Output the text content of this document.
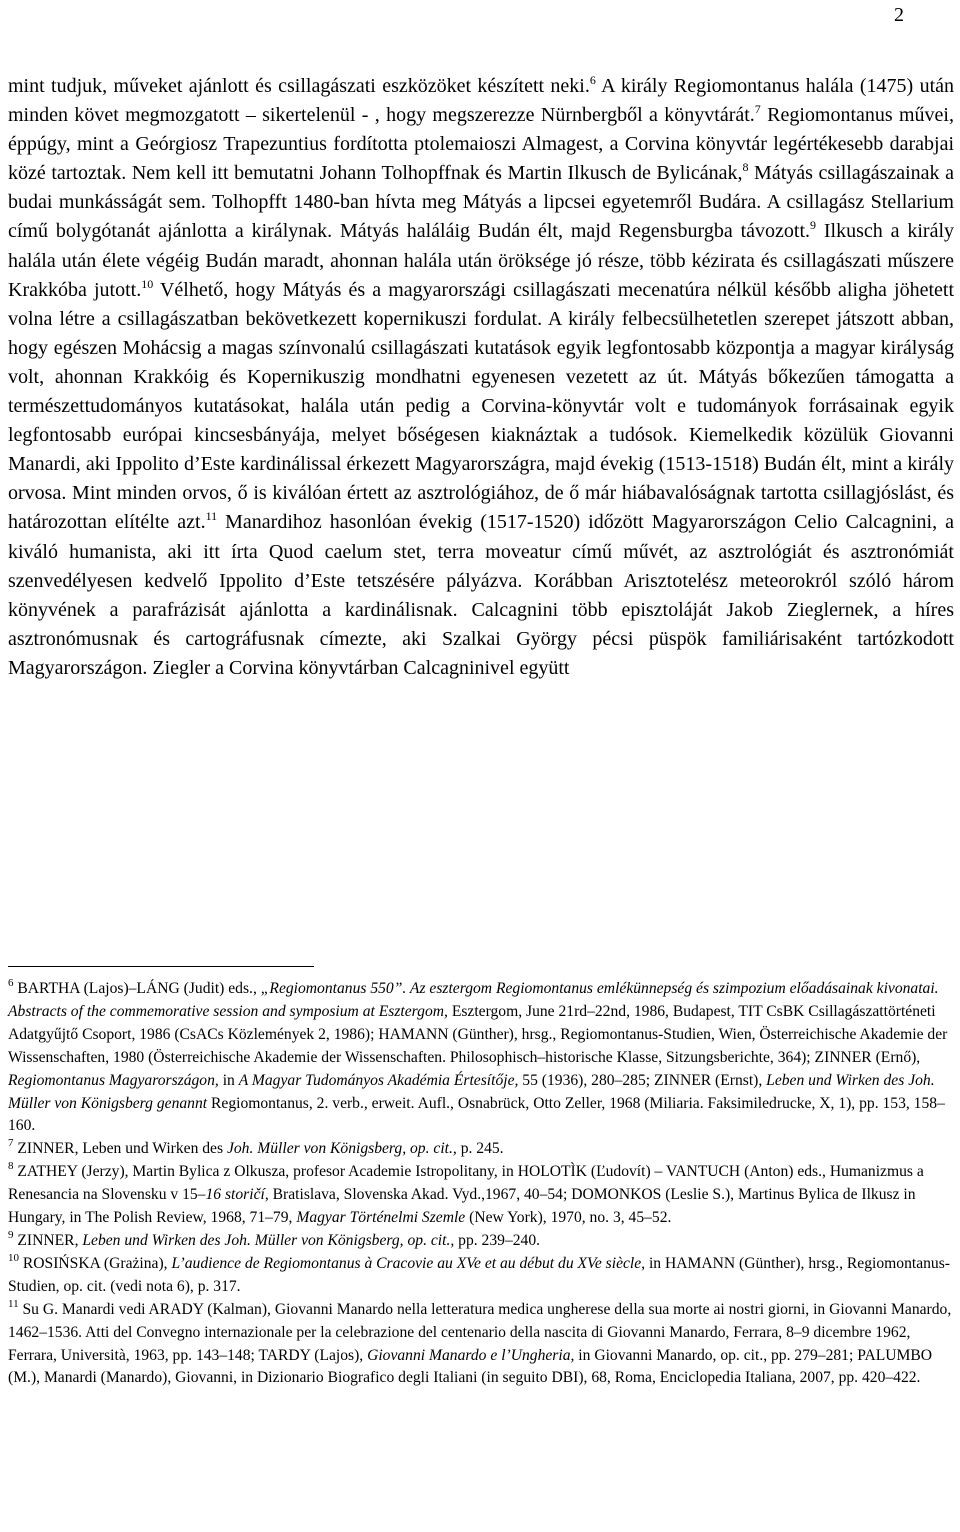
2

mint tudjuk, műveket ajánlott és csillagászati eszközöket készített neki.$^6$ A király Regiomontanus halála (1475) után minden követ megmozgatott – sikertelenül - , hogy megszerezze Nürnbergből a könyvtárát.$^7$ Regiomontanus művei, éppúgy, mint a Geórgiosz Trapezuntius fordította ptolemaioszi Almagest, a Corvina könyvtár legértékesebb darabjai közé tartoztak. Nem kell itt bemutatni Johann Tolhopffnak és Martin Ilkusch de Bylicának,$^8$ Mátyás csillagászainak a budai munkásságát sem. Tolhopfft 1480-ban hívta meg Mátyás a lipcsei egyetemről Budára. A csillagász Stellarium című bolygótanát ajánlotta a királynak. Mátyás haláláig Budán élt, majd Regensburgba távozott.$^9$ Ilkusch a király halála után élete végéig Budán maradt, ahonnan halála után öröksége jó része, több kézirata és csillagászati műszere Krakkóba jutott.$^{10}$ Vélhető, hogy Mátyás és a magyarországi csillagászati mecenatúra nélkül később aligha jöhetett volna létre a csillagászatban bekövetkezett kopernikuszi fordulat. A király felbecsülhetetlen szerepet játszott abban, hogy egészen Mohácsig a magas színvonalú csillagászati kutatások egyik legfontosabb központja a magyar királyság volt, ahonnan Krakkóig és Kopernikuszig mondhatni egyenesen vezetett az út. Mátyás bőkezűen támogatta a természettudományos kutatásokat, halála után pedig a Corvina-könyvtár volt e tudományok forrásainak egyik legfontosabb európai kincsesbányája, melyet bőségesen kiaknáztak a tudósok. Kiemelkedik közülük Giovanni Manardi, aki Ippolito d’Este kardinálissal érkezett Magyarországra, majd évekig (1513-1518) Budán élt, mint a király orvosa. Mint minden orvos, ő is kiválóan értett az asztrológiához, de ő már hiábavalóságnak tartotta csillagjóslást, és határozottan elítélte azt.$^{11}$ Manardihoz hasonlóan évekig (1517-1520) időzött Magyarországon Celio Calcagnini, a kiváló humanista, aki itt írta Quod caelum stet, terra moveatur című művét, az asztrológiát és asztronómiát szenvedélyesen kedvelő Ippolito d’Este tetszésére pályázva. Korábban Arisztotelész meteorokról szóló három könyvének a parafrázisát ajánlotta a kardinálisnak. Calcagnini több episztoláját Jakob Zieglernek, a híres asztronómusnak és cartográfusnak címezte, aki Szalkai György pécsi püspök familiárisaként tartózkodott Magyarországon. Ziegler a Corvina könyvtárban Calcagninivel együtt

$^6$ BARTHA (Lajos)–LÁNG (Judit) eds., „Regiomontanus 550”. Az esztergom Regiomontanus emlékünnepség és szimpozium előadásainak kivonatai. Abstracts of the commemorative session and symposium at Esztergom, Esztergom, June 21rd–22nd, 1986, Budapest, TIT CsBK Csillagászattörténeti Adatgyűjtő Csoport, 1986 (CsACs Közlemények 2, 1986); HAMANN (Günther), hrsg., Regiomontanus-Studien, Wien, Österreichische Akademie der Wissenschaften, 1980 (Österreichische Akademie der Wissenschaften. Philosophisch–historische Klasse, Sitzungsberichte, 364); ZINNER (Ernő), Regiomontanus Magyarországon, in A Magyar Tudományos Akadémia Értesítője, 55 (1936), 280–285; ZINNER (Ernst), Leben und Wirken des Joh. Müller von Königsberg genannt Regiomontanus, 2. verb., erweit. Aufl., Osnabrück, Otto Zeller, 1968 (Miliaria. Faksimiledrucke, X, 1), pp. 153, 158–160.

$^7$ ZINNER, Leben und Wirken des Joh. Müller von Königsberg, op. cit., p. 245.

$^8$ ZATHEY (Jerzy), Martin Bylica z Olkusza, profesor Academie Istropolitany, in HOLOTÌK (Ľudovít) – VANTUCH (Anton) eds., Humanizmus a Renesancia na Slovensku v 15–16 storičí, Bratislava, Slovenska Akad. Vyd.,1967, 40–54; DOMONKOS (Leslie S.), Martinus Bylica de Ilkusz in Hungary, in The Polish Review, 1968, 71–79, Magyar Történelmi Szemle (New York), 1970, no. 3, 45–52.

$^9$ ZINNER, Leben und Wirken des Joh. Müller von Königsberg, op. cit., pp. 239–240.

$^{10}$ ROSIŃSKA (Grażina), L’audience de Regiomontanus à Cracovie au XVe et au début du XVe siècle, in HAMANN (Günther), hrsg., Regiomontanus-Studien, op. cit. (vedi nota 6), p. 317.

$^{11}$ Su G. Manardi vedi ARADY (Kalman), Giovanni Manardo nella letteratura medica ungherese della sua morte ai nostri giorni, in Giovanni Manardo, 1462–1536. Atti del Convegno internazionale per la celebrazione del centenario della nascita di Giovanni Manardo, Ferrara, 8–9 dicembre 1962, Ferrara, Università, 1963, pp. 143–148; TARDY (Lajos), Giovanni Manardo e l’Ungheria, in Giovanni Manardo, op. cit., pp. 279–281; PALUMBO (M.), Manardi (Manardo), Giovanni, in Dizionario Biografico degli Italiani (in seguito DBI), 68, Roma, Enciclopedia Italiana, 2007, pp. 420–422.
